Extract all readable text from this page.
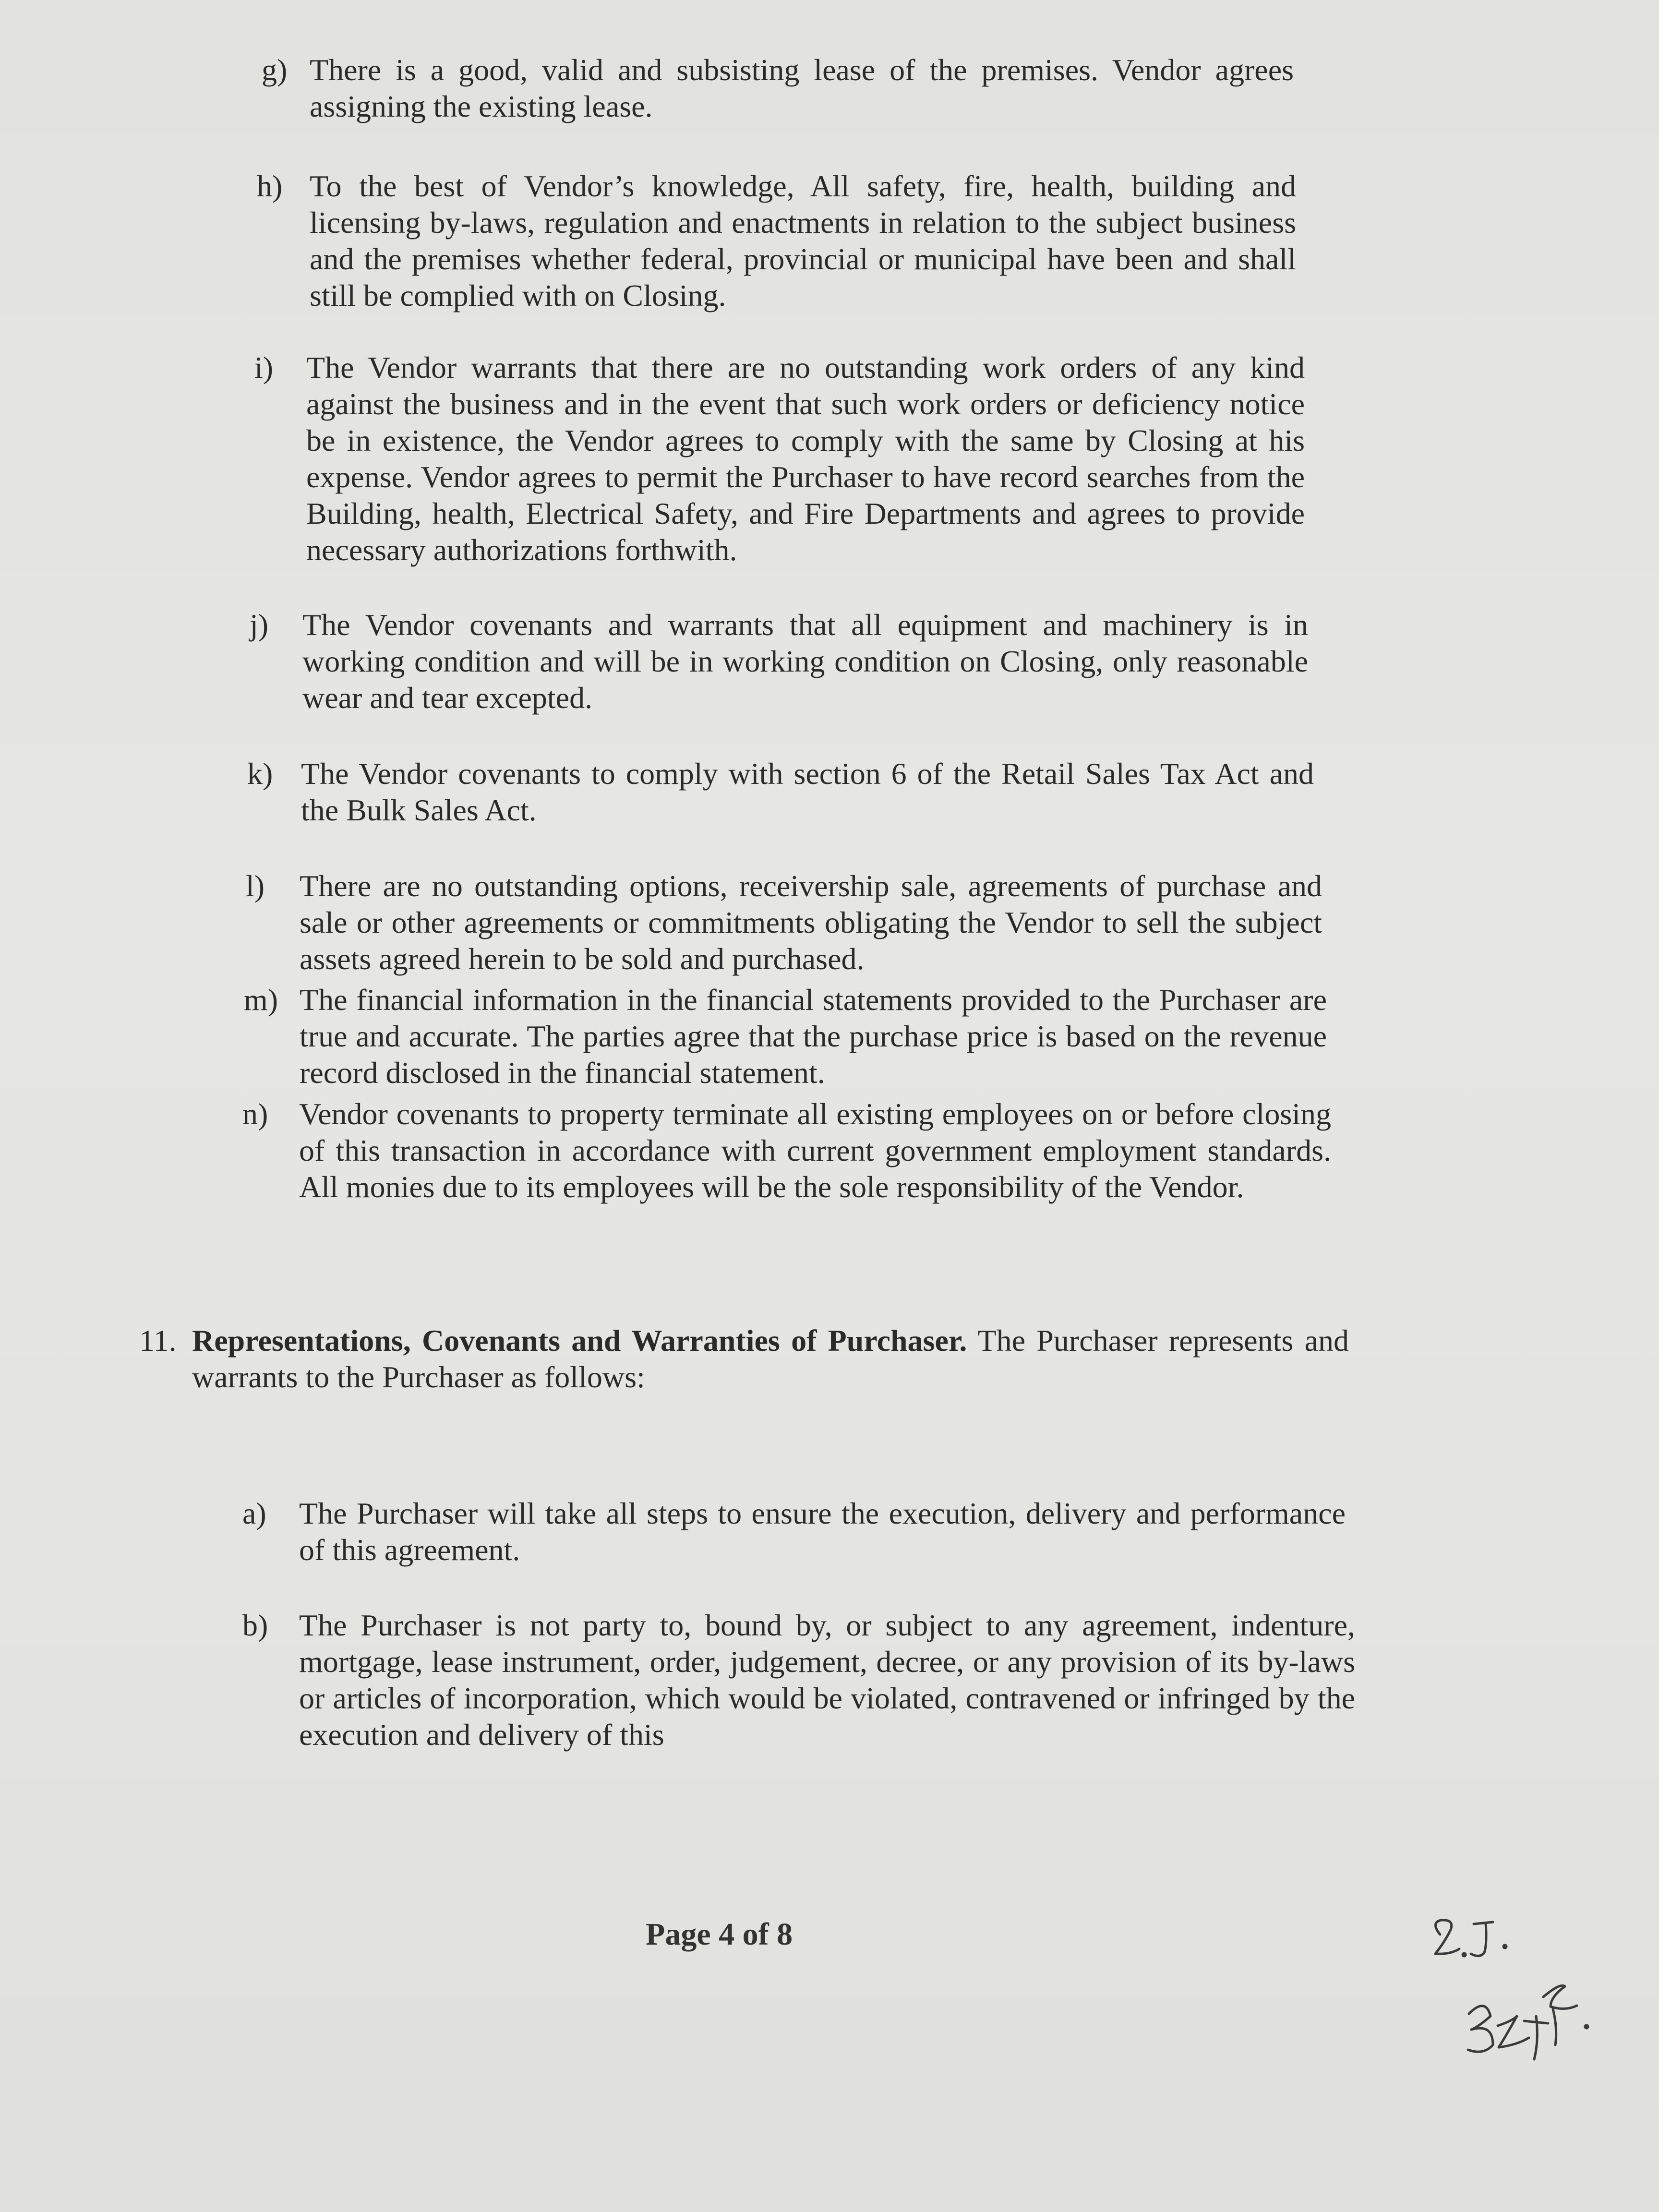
g) There is a good, valid and subsisting lease of the premises. Vendor agrees assigning the existing lease.
h) To the best of Vendor’s knowledge, All safety, fire, health, building and licensing by-laws, regulation and enactments in relation to the subject business and the premises whether federal, provincial or municipal have been and shall still be complied with on Closing.
i)	The Vendor warrants that there are no outstanding work orders of any kind against the business and in the event that such work orders or deficiency notice be in existence, the Vendor agrees to comply with the same by Closing at his expense. Vendor agrees to permit the Purchaser to have record searches from the Building, health, Electrical Safety, and Fire Departments and agrees to provide necessary authorizations forthwith.
j)	The Vendor covenants and warrants that all equipment and machinery is in working condition and will be in working condition on Closing, only reasonable wear and tear excepted.
k) The Vendor covenants to comply with section 6 of the Retail Sales Tax Act and the Bulk Sales Act.
l)	There are no outstanding options, receivership sale, agreements of purchase and sale or other agreements or commitments obligating the Vendor to sell the subject assets agreed herein to be sold and purchased.
m) The financial information in the financial statements provided to the Purchaser are true and accurate. The parties agree that the purchase price is based on the revenue record disclosed in the financial statement.
n)	Vendor covenants to property terminate all existing employees on or before closing of this transaction in accordance with current government employment standards. All monies due to its employees will be the sole responsibility of the Vendor.
11. Representations, Covenants and Warranties of Purchaser. The Purchaser represents and warrants to the Purchaser as follows:
a)	The Purchaser will take all steps to ensure the execution, delivery and performance of this agreement.
b)	The Purchaser is not party to, bound by, or subject to any agreement, indenture, mortgage, lease instrument, order, judgement, decree, or any provision of its by-laws or articles of incorporation, which would be violated, contravened or infringed by the execution and delivery of this
Page 4 of 8
